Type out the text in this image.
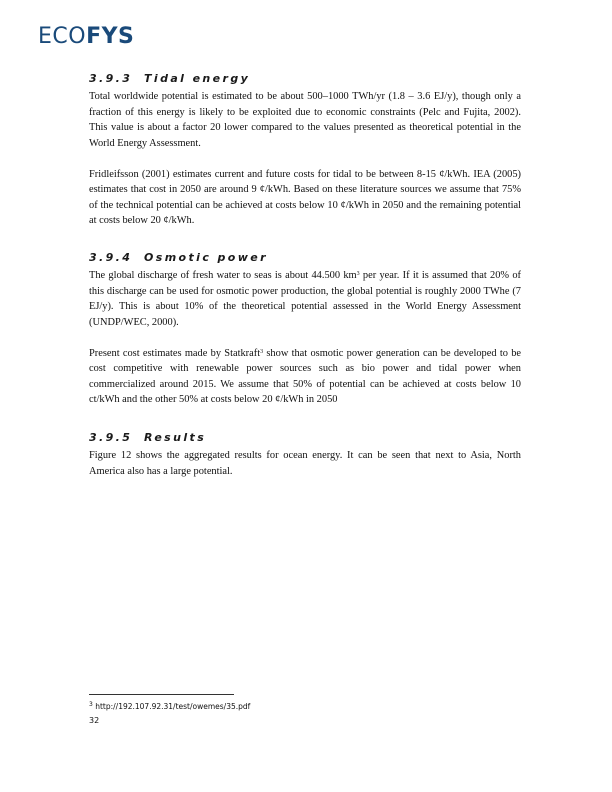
ECOFYS
3.9.3 Tidal energy

Total worldwide potential is estimated to be about 500–1000 TWh/yr (1.8 – 3.6 EJ/y), though only a fraction of this energy is likely to be exploited due to economic constraints (Pelc and Fujita, 2002). This value is about a factor 20 lower compared to the values presented as theoretical potential in the World Energy Assessment.

Fridleifsson (2001) estimates current and future costs for tidal to be between 8-15 ¢/kWh. IEA (2005) estimates that cost in 2050 are around 9 ¢/kWh. Based on these literature sources we assume that 75% of the technical potential can be achieved at costs below 10 ¢/kWh in 2050 and the remaining potential at costs below 20 ¢/kWh.

3.9.4 Osmotic power

The global discharge of fresh water to seas is about 44.500 $km^3$ per year. If it is assumed that 20% of this discharge can be used for osmotic power production, the global potential is roughly 2000 TWhe (7 EJ/y). This is about 10% of the theoretical potential assessed in the World Energy Assessment (UNDP/WEC, 2000).

Present cost estimates made by Statkraft$^3$ show that osmotic power generation can be developed to be cost competitive with renewable power sources such as bio power and tidal power when commercialized around 2015. We assume that 50% of potential can be achieved at costs below 10 ct/kWh and the other 50% at costs below 20 ¢/kWh in 2050

3.9.5 Results

Figure 12 shows the aggregated results for ocean energy. It can be seen that next to Asia, North America also has a large potential.

$^3$ http://192.107.92.31/test/owemes/35.pdf
32
